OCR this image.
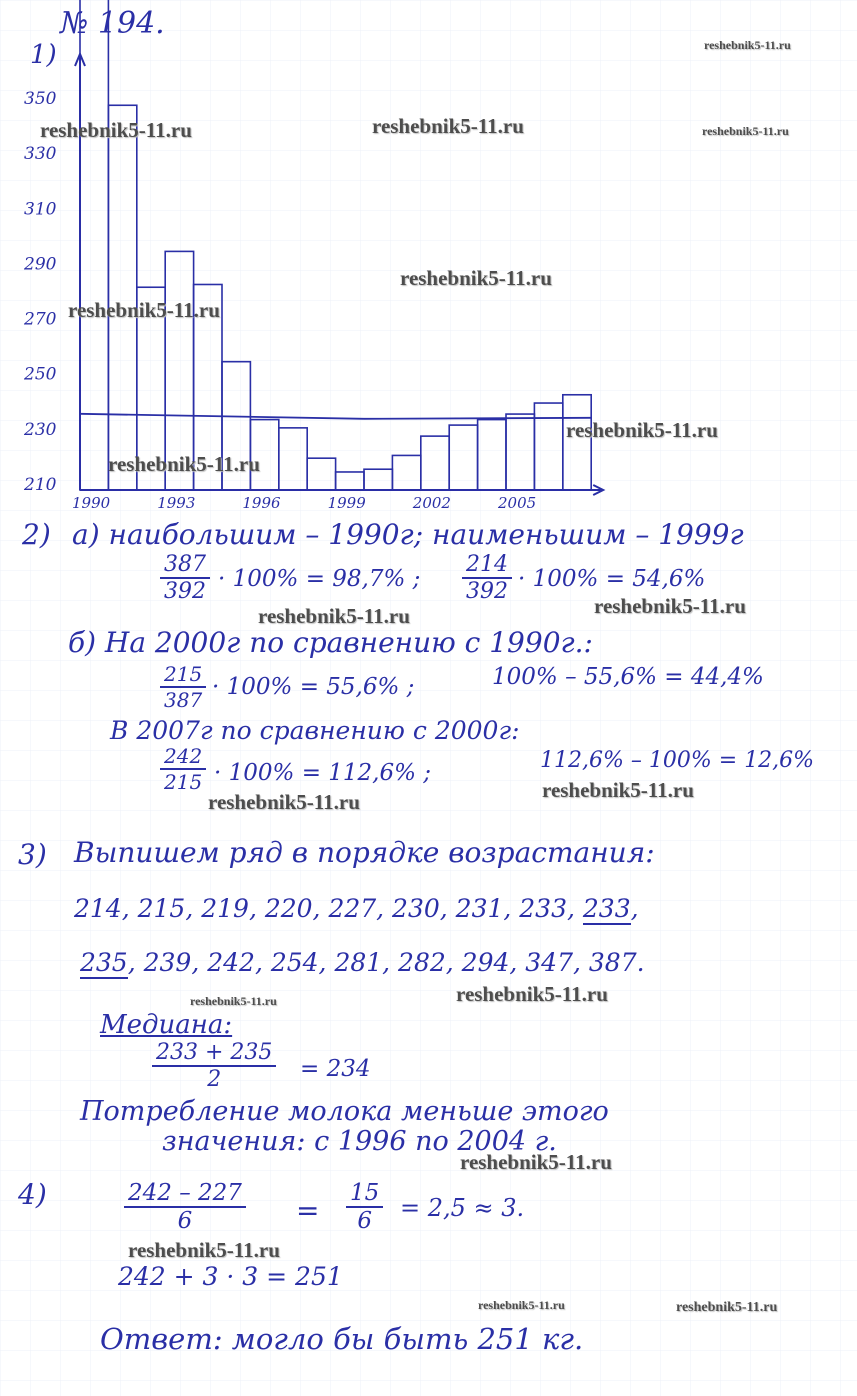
1)
№ 194.
210
230
250
270
290
310
330
350
1990	1993	1996	1999	2002	2005
2) а) наибольшим – 1990г; наименьшим – 1999г
$\frac{387}{392} \cdot 100\% = 98,7\%$ ; $\frac{214}{392} \cdot 100\% = 54,6\%$
б) На 2000г по сравнению с 1990г.:
$\frac{215}{387} \cdot 100\% = 55,6\%$ ;	100% – 55,6% = 44,4%
В 2007г по сравнению с 2000г:
$\frac{242}{215} \cdot 100\% = 112,6\%$ ;	112,6% – 100% = 12,6%
3) Выпишем ряд в порядке возрастания:
214, 215, 219, 220, 227, 230, 231, 233, 233,
235, 239, 242, 254, 281, 282, 294, 347, 387.
Медиана:
$\frac{233 + 235}{2} = 234$
Потребление молока меньше этого
значения: с 1996 по 2004 г.
4)	$\frac{242 - 227}{6} = \frac{15}{6} = 2,5 \approx 3$.
242 + 3 · 3 = 251
Ответ: могло бы быть 251 кг.
reshebnik5-11.ru
reshebnik5-11.ru	reshebnik5-11.ru	reshebnik5-11.ru
reshebnik5-11.ru
reshebnik5-11.ru
reshebnik5-11.ru
reshebnik5-11.ru
reshebnik5-11.ru	reshebnik5-11.ru
reshebnik5-11.ru	reshebnik5-11.ru
reshebnik5-11.ru	reshebnik5-11.ru
reshebnik5-11.ru
reshebnik5-11.ru
reshebnik5-11.ru	reshebnik5-11.ru
